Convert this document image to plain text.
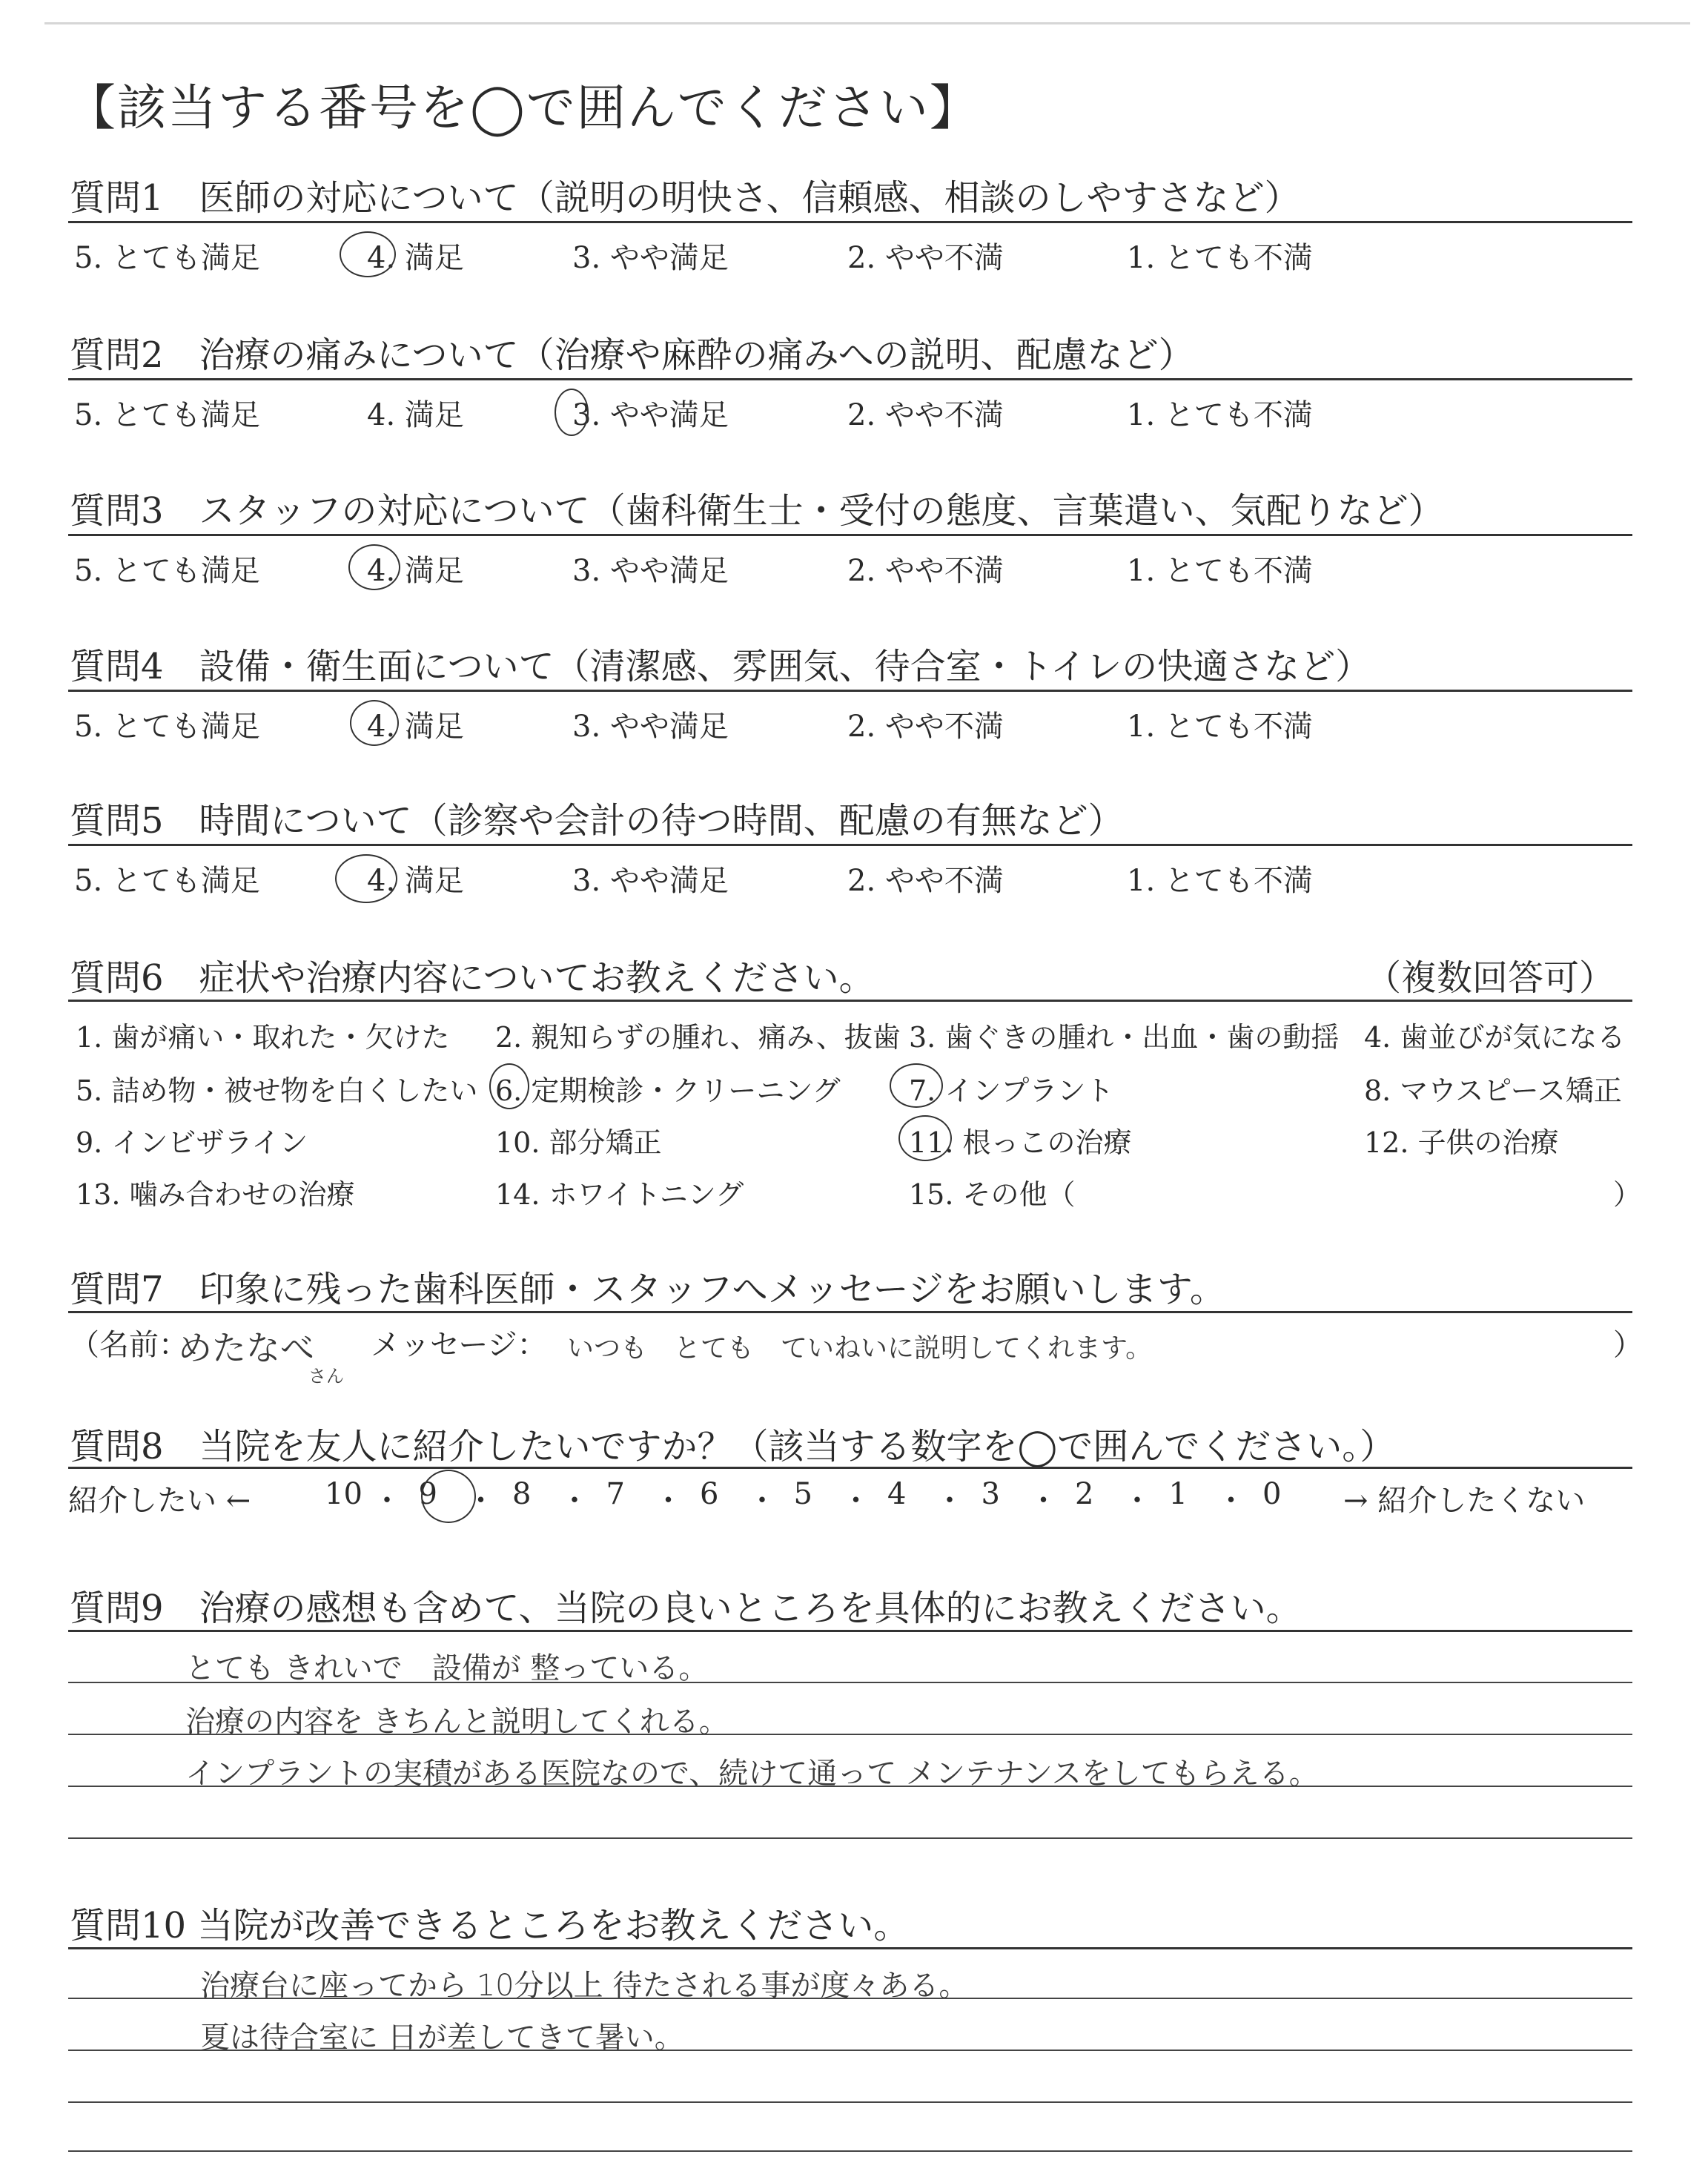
【該当する番号を◯で囲んでください】
質問1　医師の対応について（説明の明快さ、信頼感、相談のしやすさなど）
5. とても満足	4. 満足	3. やや満足	2. やや不満	1. とても不満
質問2　治療の痛みについて（治療や麻酔の痛みへの説明、配慮など）
5. とても満足	4. 満足	3. やや満足	2. やや不満	1. とても不満
質問3　スタッフの対応について（歯科衛生士・受付の態度、言葉遣い、気配りなど）
5. とても満足	4. 満足	3. やや満足	2. やや不満	1. とても不満
質問4　設備・衛生面について（清潔感、雰囲気、待合室・トイレの快適さなど）
5. とても満足	4. 満足	3. やや満足	2. やや不満	1. とても不満
質問5　時間について（診察や会計の待つ時間、配慮の有無など）
5. とても満足	4. 満足	3. やや満足	2. やや不満	1. とても不満
質問6　症状や治療内容についてお教えください。	（複数回答可）
1. 歯が痛い・取れた・欠けた 2. 親知らずの腫れ、痛み、抜歯 3. 歯ぐきの腫れ・出血・歯の動揺 4. 歯並びが気になる
5. 詰め物・被せ物を白くしたい 6. 定期検診・クリーニング 7. インプラント	8. マウスピース矯正
9. インビザライン	10. 部分矯正	11. 根っこの治療	12. 子供の治療
13. 噛み合わせの治療	14. ホワイトニング	15. その他（	）
質問7　印象に残った歯科医師・スタッフへメッセージをお願いします。
（名前：
めたなべ
さん
メッセージ： いつも　とても　ていねいに説明してくれます。	）
質問8　当院を友人に紹介したいですか？（該当する数字を◯で囲んでください。）
紹介したい ←	→ 紹介したくない
10 ・ 9 ・ 8 ・ 7 ・ 6 ・ 5 ・ 4 ・ 3 ・ 2 ・ 1 ・ 0
質問9　治療の感想も含めて、当院の良いところを具体的にお教えください。
とても きれいで　設備が 整っている。
治療の内容を きちんと説明してくれる。
インプラントの実積がある医院なので、続けて通って メンテナンスをしてもらえる。
質問10 当院が改善できるところをお教えください。
治療台に座ってから 10分以上 待たされる事が度々ある。
夏は待合室に 日が差してきて暑い。
